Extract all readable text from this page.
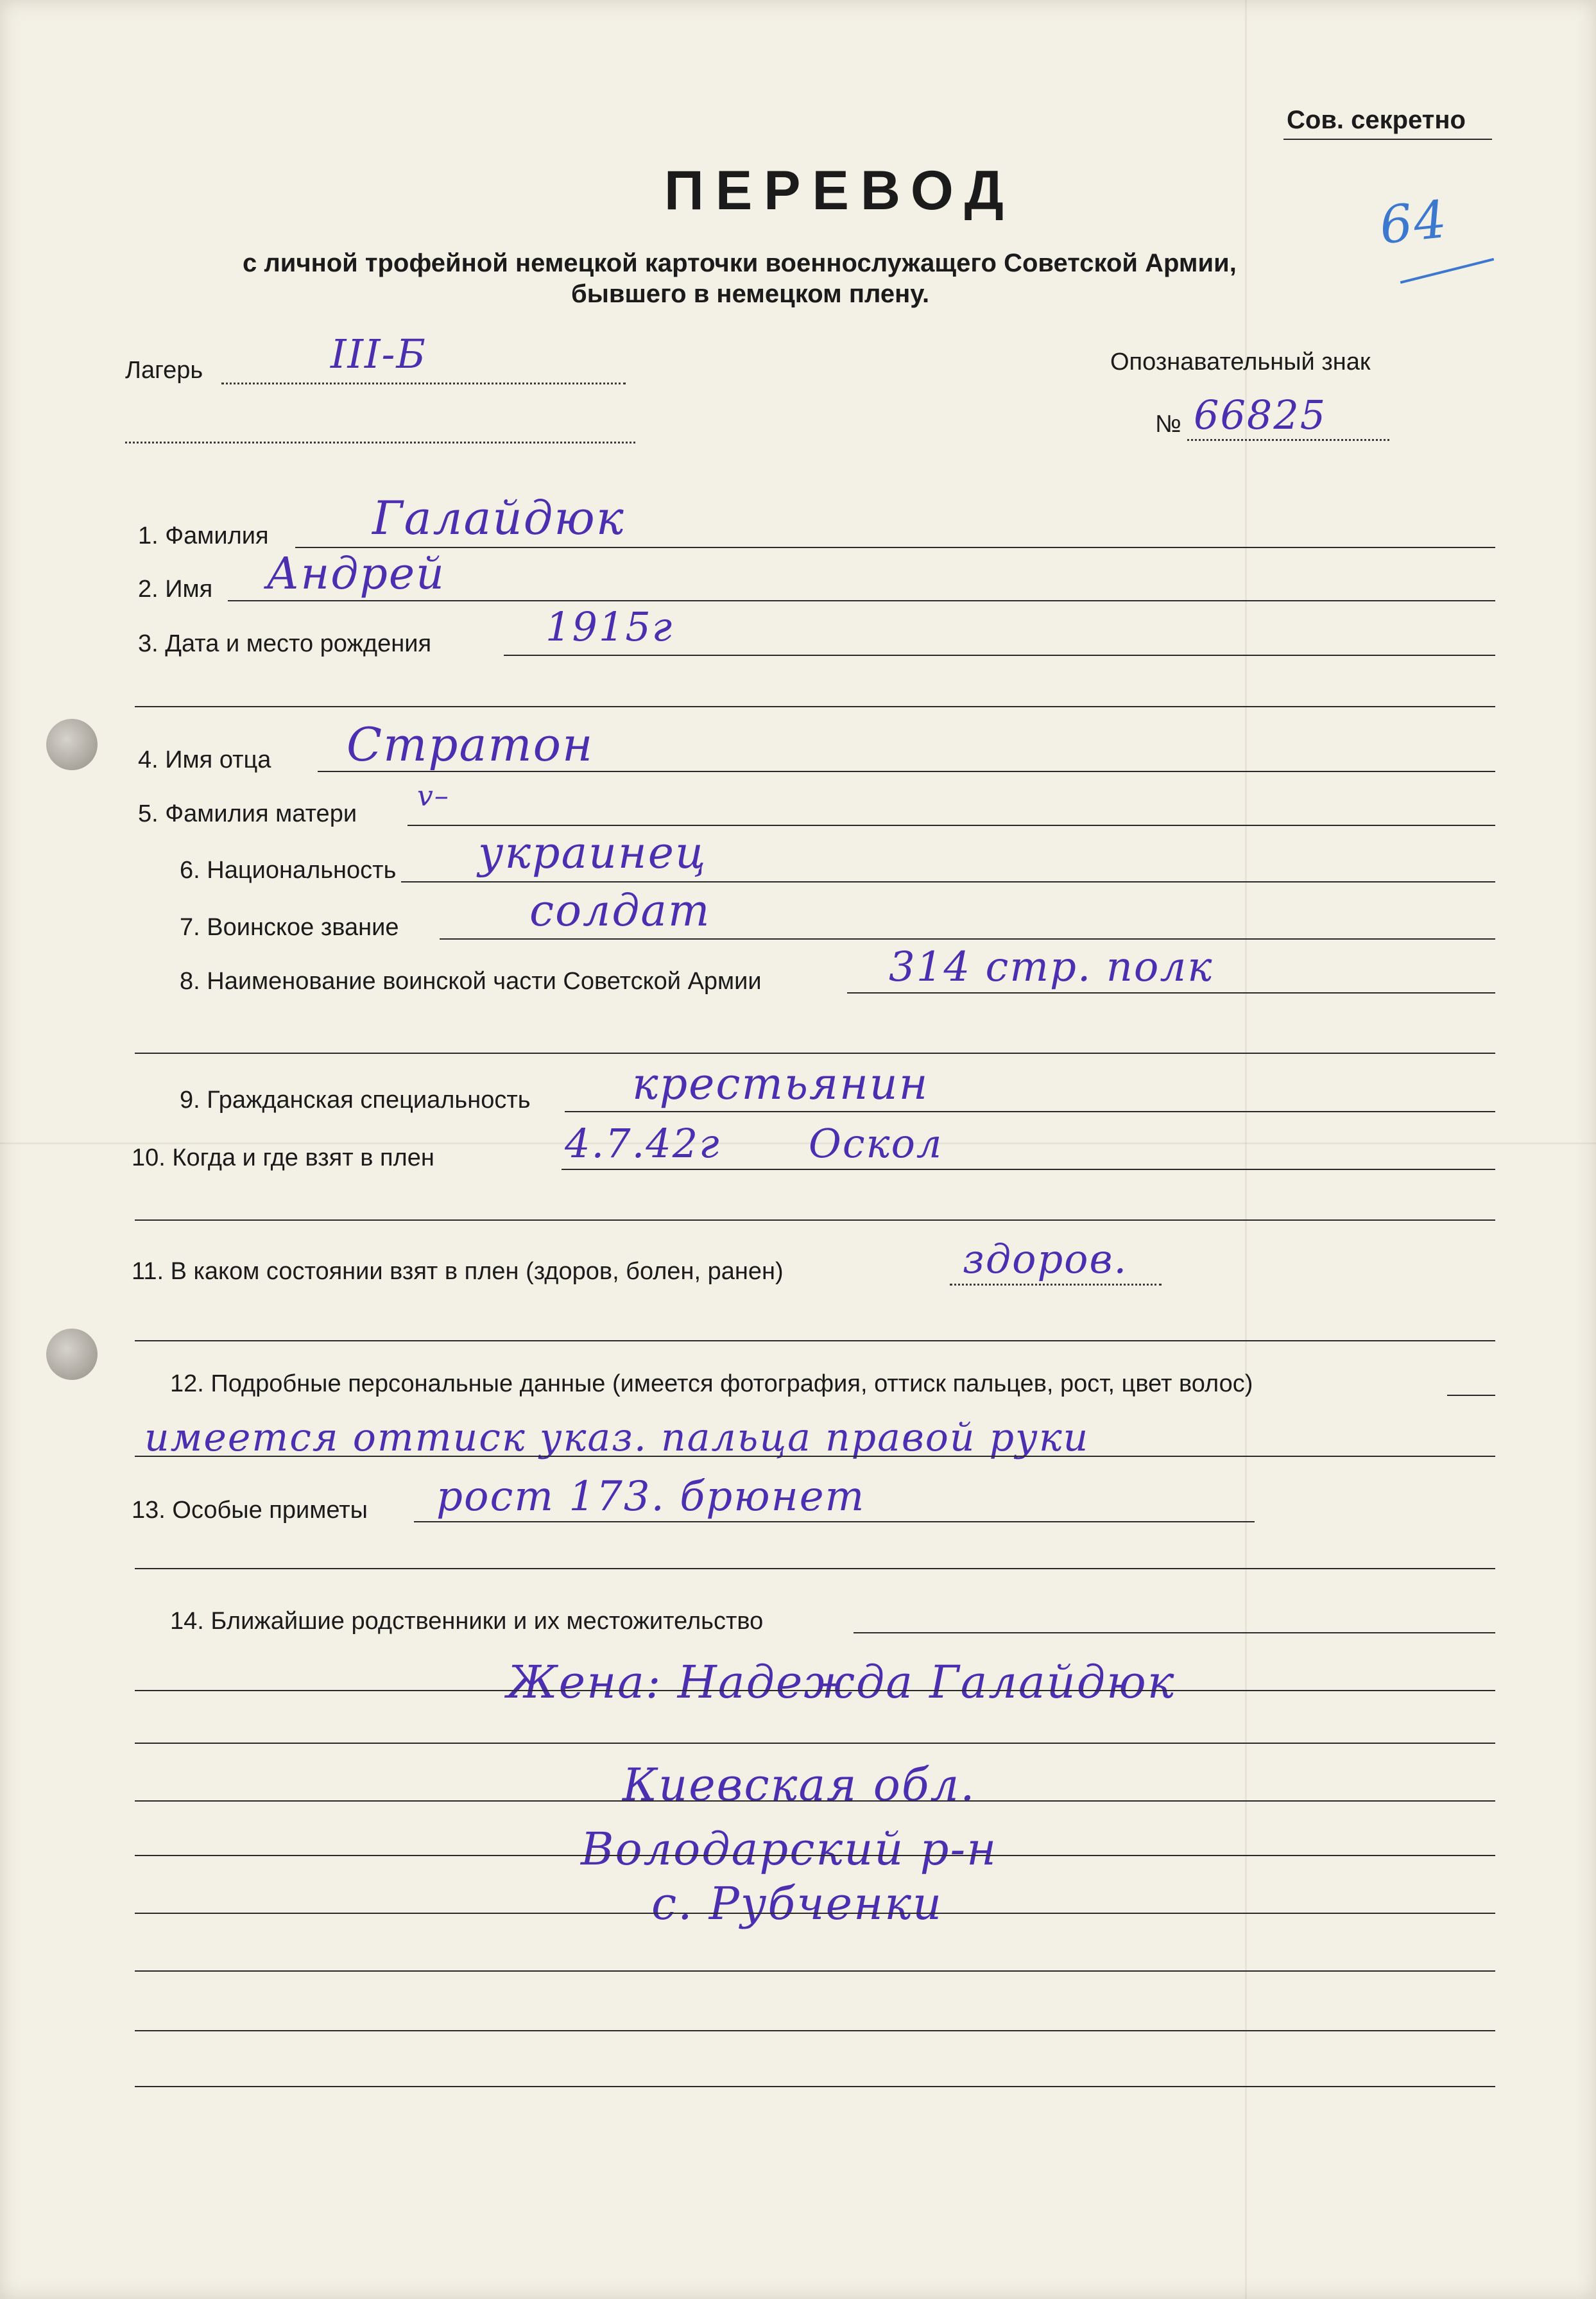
Сов. секретно
ПЕРЕВОД
с личной трофейной немецкой карточки военнослужащего Советской Армии,
бывшего в немецком плену.
64
Лагерь	III-Б	Опознавательный знак
№ 66825
1. Фамилия Галайдюк
2. Имя Андрей
3. Дата и место рождения	1915г
4. Имя отца Стратон
5. Фамилия матери
v–
6. Национальность украинец
7. Воинское звание	солдат
8. Наименование воинской части Советской Армии	314 стр. полк
9. Гражданская специальность крестьянин
10. Когда и где взят в плен	4.7.42г Оскол
11. В каком состоянии взят в плен (здоров, болен, ранен)	здоров.
12. Подробные персональные данные (имеется фотография, оттиск пальцев, рост, цвет волос)
имеется оттиск указ. пальца правой руки
13. Особые приметы рост 173. брюнет
14. Ближайшие родственники и их местожительство
Жена: Надежда Галайдюк
Киевская обл.
Володарский р-н
с. Рубченки
